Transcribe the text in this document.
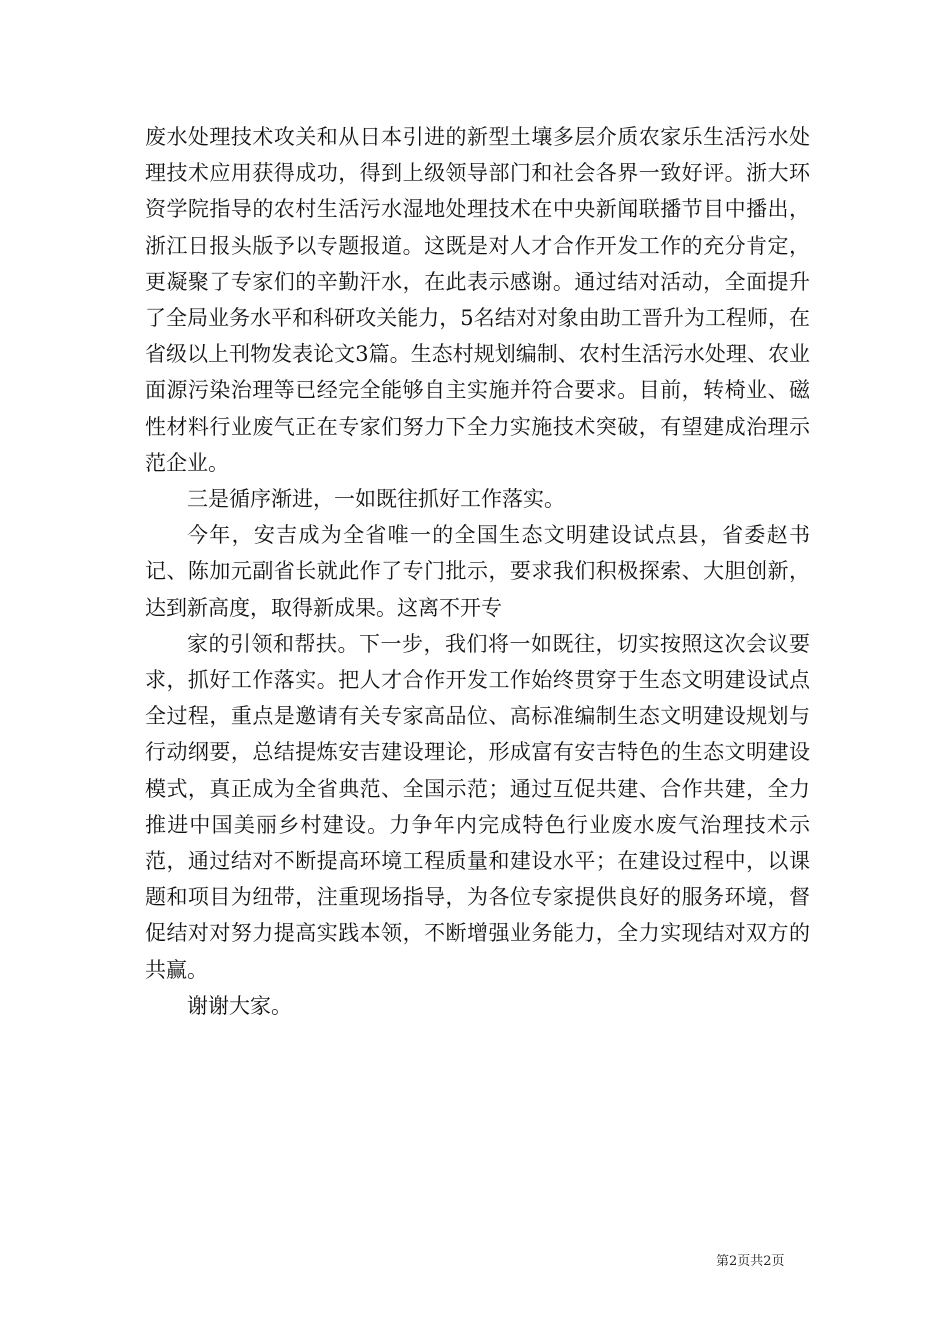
废水处理技术攻关和从日本引进的新型土壤多层介质农家乐生活污水处理技术应用获得成功，得到上级领导部门和社会各界一致好评。浙大环资学院指导的农村生活污水湿地处理技术在中央新闻联播节目中播出，浙江日报头版予以专题报道。这既是对人才合作开发工作的充分肯定，更凝聚了专家们的辛勤汗水，在此表示感谢。通过结对活动，全面提升了全局业务水平和科研攻关能力，5名结对对象由助工晋升为工程师，在省级以上刊物发表论文3篇。生态村规划编制、农村生活污水处理、农业面源污染治理等已经完全能够自主实施并符合要求。目前，转椅业、磁性材料行业废气正在专家们努力下全力实施技术突破，有望建成治理示范企业。

三是循序渐进，一如既往抓好工作落实。

今年，安吉成为全省唯一的全国生态文明建设试点县，省委赵书记、陈加元副省长就此作了专门批示，要求我们积极探索、大胆创新，达到新高度，取得新成果。这离不开专

家的引领和帮扶。下一步，我们将一如既往，切实按照这次会议要求，抓好工作落实。把人才合作开发工作始终贯穿于生态文明建设试点全过程，重点是邀请有关专家高品位、高标准编制生态文明建设规划与行动纲要，总结提炼安吉建设理论，形成富有安吉特色的生态文明建设模式，真正成为全省典范、全国示范；通过互促共建、合作共建，全力推进中国美丽乡村建设。力争年内完成特色行业废水废气治理技术示范，通过结对不断提高环境工程质量和建设水平；在建设过程中，以课题和项目为纽带，注重现场指导，为各位专家提供良好的服务环境，督促结对对努力提高实践本领，不断增强业务能力，全力实现结对双方的共赢。

谢谢大家。

第2页共2页
